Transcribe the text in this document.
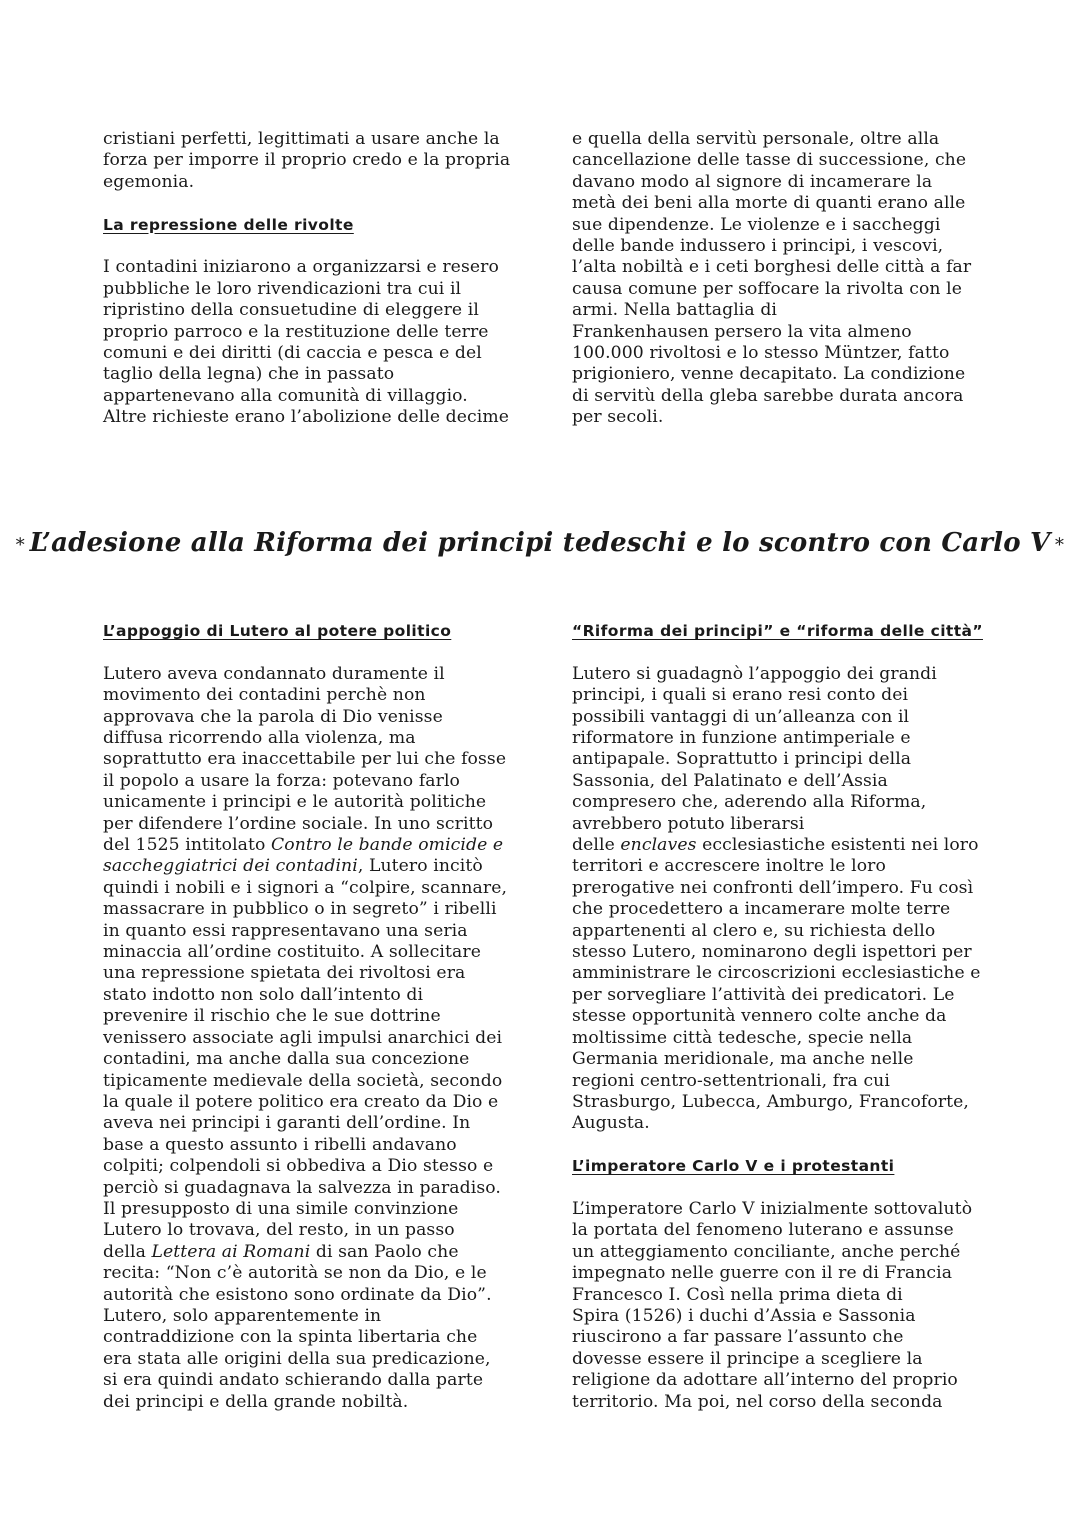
cristiani perfetti, legittimati a usare anche la
forza per imporre il proprio credo e la propria
egemonia.

La repressione delle rivolte

I contadini iniziarono a organizzarsi e resero
pubbliche le loro rivendicazioni tra cui il
ripristino della consuetudine di eleggere il
proprio parroco e la restituzione delle terre
comuni e dei diritti (di caccia e pesca e del
taglio della legna) che in passato
appartenevano alla comunità di villaggio.
Altre richieste erano l’abolizione delle decime

e quella della servitù personale, oltre alla
cancellazione delle tasse di successione, che
davano modo al signore di incamerare la
metà dei beni alla morte di quanti erano alle
sue dipendenze. Le violenze e i saccheggi
delle bande indussero i principi, i vescovi,
l’alta nobiltà e i ceti borghesi delle città a far
causa comune per soffocare la rivolta con le
armi. Nella battaglia di
Frankenhausen persero la vita almeno
100.000 rivoltosi e lo stesso Müntzer, fatto
prigioniero, venne decapitato. La condizione
di servitù della gleba sarebbe durata ancora
per secoli.

∗ L’adesione alla Riforma dei principi tedeschi e lo scontro con Carlo V ∗

L’appoggio di Lutero al potere politico

Lutero aveva condannato duramente il
movimento dei contadini perchè non
approvava che la parola di Dio venisse
diffusa ricorrendo alla violenza, ma
soprattutto era inaccettabile per lui che fosse
il popolo a usare la forza: potevano farlo
unicamente i principi e le autorità politiche
per difendere l’ordine sociale. In uno scritto
del 1525 intitolato Contro le bande omicide e
saccheggiatrici dei contadini, Lutero incitò
quindi i nobili e i signori a “colpire, scannare,
massacrare in pubblico o in segreto” i ribelli
in quanto essi rappresentavano una seria
minaccia all’ordine costituito. A sollecitare
una repressione spietata dei rivoltosi era
stato indotto non solo dall’intento di
prevenire il rischio che le sue dottrine
venissero associate agli impulsi anarchici dei
contadini, ma anche dalla sua concezione
tipicamente medievale della società, secondo
la quale il potere politico era creato da Dio e
aveva nei principi i garanti dell’ordine. In
base a questo assunto i ribelli andavano
colpiti; colpendoli si obbediva a Dio stesso e
perciò si guadagnava la salvezza in paradiso.
Il presupposto di una simile convinzione
Lutero lo trovava, del resto, in un passo
della Lettera ai Romani di san Paolo che
recita: “Non c’è autorità se non da Dio, e le
autorità che esistono sono ordinate da Dio”.
Lutero, solo apparentemente in
contraddizione con la spinta libertaria che
era stata alle origini della sua predicazione,
si era quindi andato schierando dalla parte
dei principi e della grande nobiltà.

“Riforma dei principi” e “riforma delle città”

Lutero si guadagnò l’appoggio dei grandi
principi, i quali si erano resi conto dei
possibili vantaggi di un’alleanza con il
riformatore in funzione antimperiale e
antipapale. Soprattutto i principi della
Sassonia, del Palatinato e dell’Assia
compresero che, aderendo alla Riforma,
avrebbero potuto liberarsi
delle enclaves ecclesiastiche esistenti nei loro
territori e accrescere inoltre le loro
prerogative nei confronti dell’impero. Fu così
che procedettero a incamerare molte terre
appartenenti al clero e, su richiesta dello
stesso Lutero, nominarono degli ispettori per
amministrare le circoscrizioni ecclesiastiche e
per sorvegliare l’attività dei predicatori. Le
stesse opportunità vennero colte anche da
moltissime città tedesche, specie nella
Germania meridionale, ma anche nelle
regioni centro-settentrionali, fra cui
Strasburgo, Lubecca, Amburgo, Francoforte,
Augusta.

L’imperatore Carlo V e i protestanti

L’imperatore Carlo V inizialmente sottovalutò
la portata del fenomeno luterano e assunse
un atteggiamento conciliante, anche perché
impegnato nelle guerre con il re di Francia
Francesco I. Così nella prima dieta di
Spira (1526) i duchi d’Assia e Sassonia
riuscirono a far passare l’assunto che
dovesse essere il principe a scegliere la
religione da adottare all’interno del proprio
territorio. Ma poi, nel corso della seconda
